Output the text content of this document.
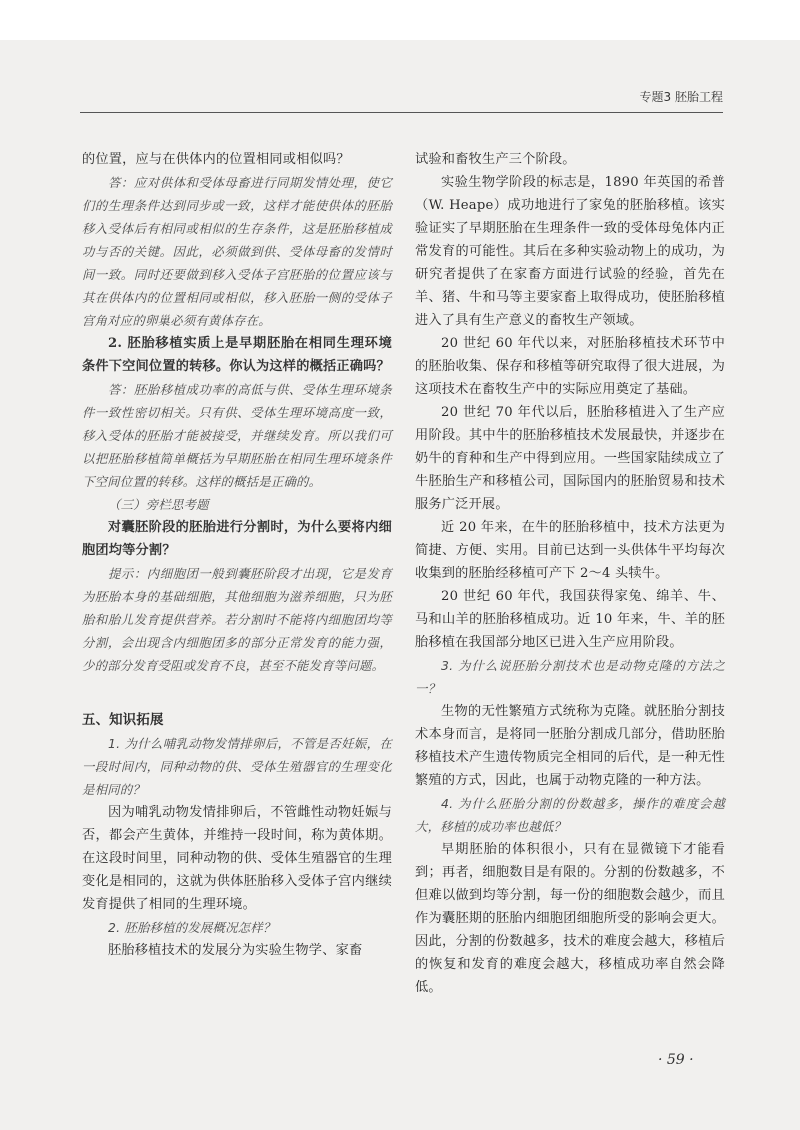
专题3 胚胎工程

的位置，应与在供体内的位置相同或相似吗？

答：应对供体和受体母畜进行同期发情处理，使它们的生理条件达到同步或一致，这样才能使供体的胚胎移入受体后有相同或相似的生存条件，这是胚胎移植成功与否的关键。因此，必须做到供、受体母畜的发情时间一致。同时还要做到移入受体子宫胚胎的位置应该与其在供体内的位置相同或相似，移入胚胎一侧的受体子宫角对应的卵巢必须有黄体存在。

2. 胚胎移植实质上是早期胚胎在相同生理环境条件下空间位置的转移。你认为这样的概括正确吗？

答：胚胎移植成功率的高低与供、受体生理环境条件一致性密切相关。只有供、受体生理环境高度一致，移入受体的胚胎才能被接受，并继续发育。所以我们可以把胚胎移植简单概括为早期胚胎在相同生理环境条件下空间位置的转移。这样的概括是正确的。

（三）旁栏思考题

对囊胚阶段的胚胎进行分割时，为什么要将内细胞团均等分割？

提示：内细胞团一般到囊胚阶段才出现，它是发育为胚胎本身的基础细胞，其他细胞为滋养细胞，只为胚胎和胎儿发育提供营养。若分割时不能将内细胞团均等分割，会出现含内细胞团多的部分正常发育的能力强，少的部分发育受阻或发育不良，甚至不能发育等问题。

五、知识拓展

1. 为什么哺乳动物发情排卵后，不管是否妊娠，在一段时间内，同种动物的供、受体生殖器官的生理变化是相同的？

因为哺乳动物发情排卵后，不管雌性动物妊娠与否，都会产生黄体，并维持一段时间，称为黄体期。在这段时间里，同种动物的供、受体生殖器官的生理变化是相同的，这就为供体胚胎移入受体子宫内继续发育提供了相同的生理环境。

2. 胚胎移植的发展概况怎样？

胚胎移植技术的发展分为实验生物学、家畜

试验和畜牧生产三个阶段。

实验生物学阶段的标志是，1890 年英国的希普（W. Heape）成功地进行了家兔的胚胎移植。该实验证实了早期胚胎在生理条件一致的受体母兔体内正常发育的可能性。其后在多种实验动物上的成功，为研究者提供了在家畜方面进行试验的经验，首先在羊、猪、牛和马等主要家畜上取得成功，使胚胎移植进入了具有生产意义的畜牧生产领域。

20 世纪 60 年代以来，对胚胎移植技术环节中的胚胎收集、保存和移植等研究取得了很大进展，为这项技术在畜牧生产中的实际应用奠定了基础。

20 世纪 70 年代以后，胚胎移植进入了生产应用阶段。其中牛的胚胎移植技术发展最快，并逐步在奶牛的育种和生产中得到应用。一些国家陆续成立了牛胚胎生产和移植公司，国际国内的胚胎贸易和技术服务广泛开展。

近 20 年来，在牛的胚胎移植中，技术方法更为简捷、方便、实用。目前已达到一头供体牛平均每次收集到的胚胎经移植可产下 2～4 头犊牛。

20 世纪 60 年代，我国获得家兔、绵羊、牛、马和山羊的胚胎移植成功。近 10 年来，牛、羊的胚胎移植在我国部分地区已进入生产应用阶段。

3. 为什么说胚胎分割技术也是动物克隆的方法之一？

生物的无性繁殖方式统称为克隆。就胚胎分割技术本身而言，是将同一胚胎分割成几部分，借助胚胎移植技术产生遗传物质完全相同的后代，是一种无性繁殖的方式，因此，也属于动物克隆的一种方法。

4. 为什么胚胎分割的份数越多，操作的难度会越大，移植的成功率也越低？

早期胚胎的体积很小，只有在显微镜下才能看到；再者，细胞数目是有限的。分割的份数越多，不但难以做到均等分割，每一份的细胞数会越少，而且作为囊胚期的胚胎内细胞团细胞所受的影响会更大。因此，分割的份数越多，技术的难度会越大，移植后的恢复和发育的难度会越大，移植成功率自然会降低。

· 59 ·
